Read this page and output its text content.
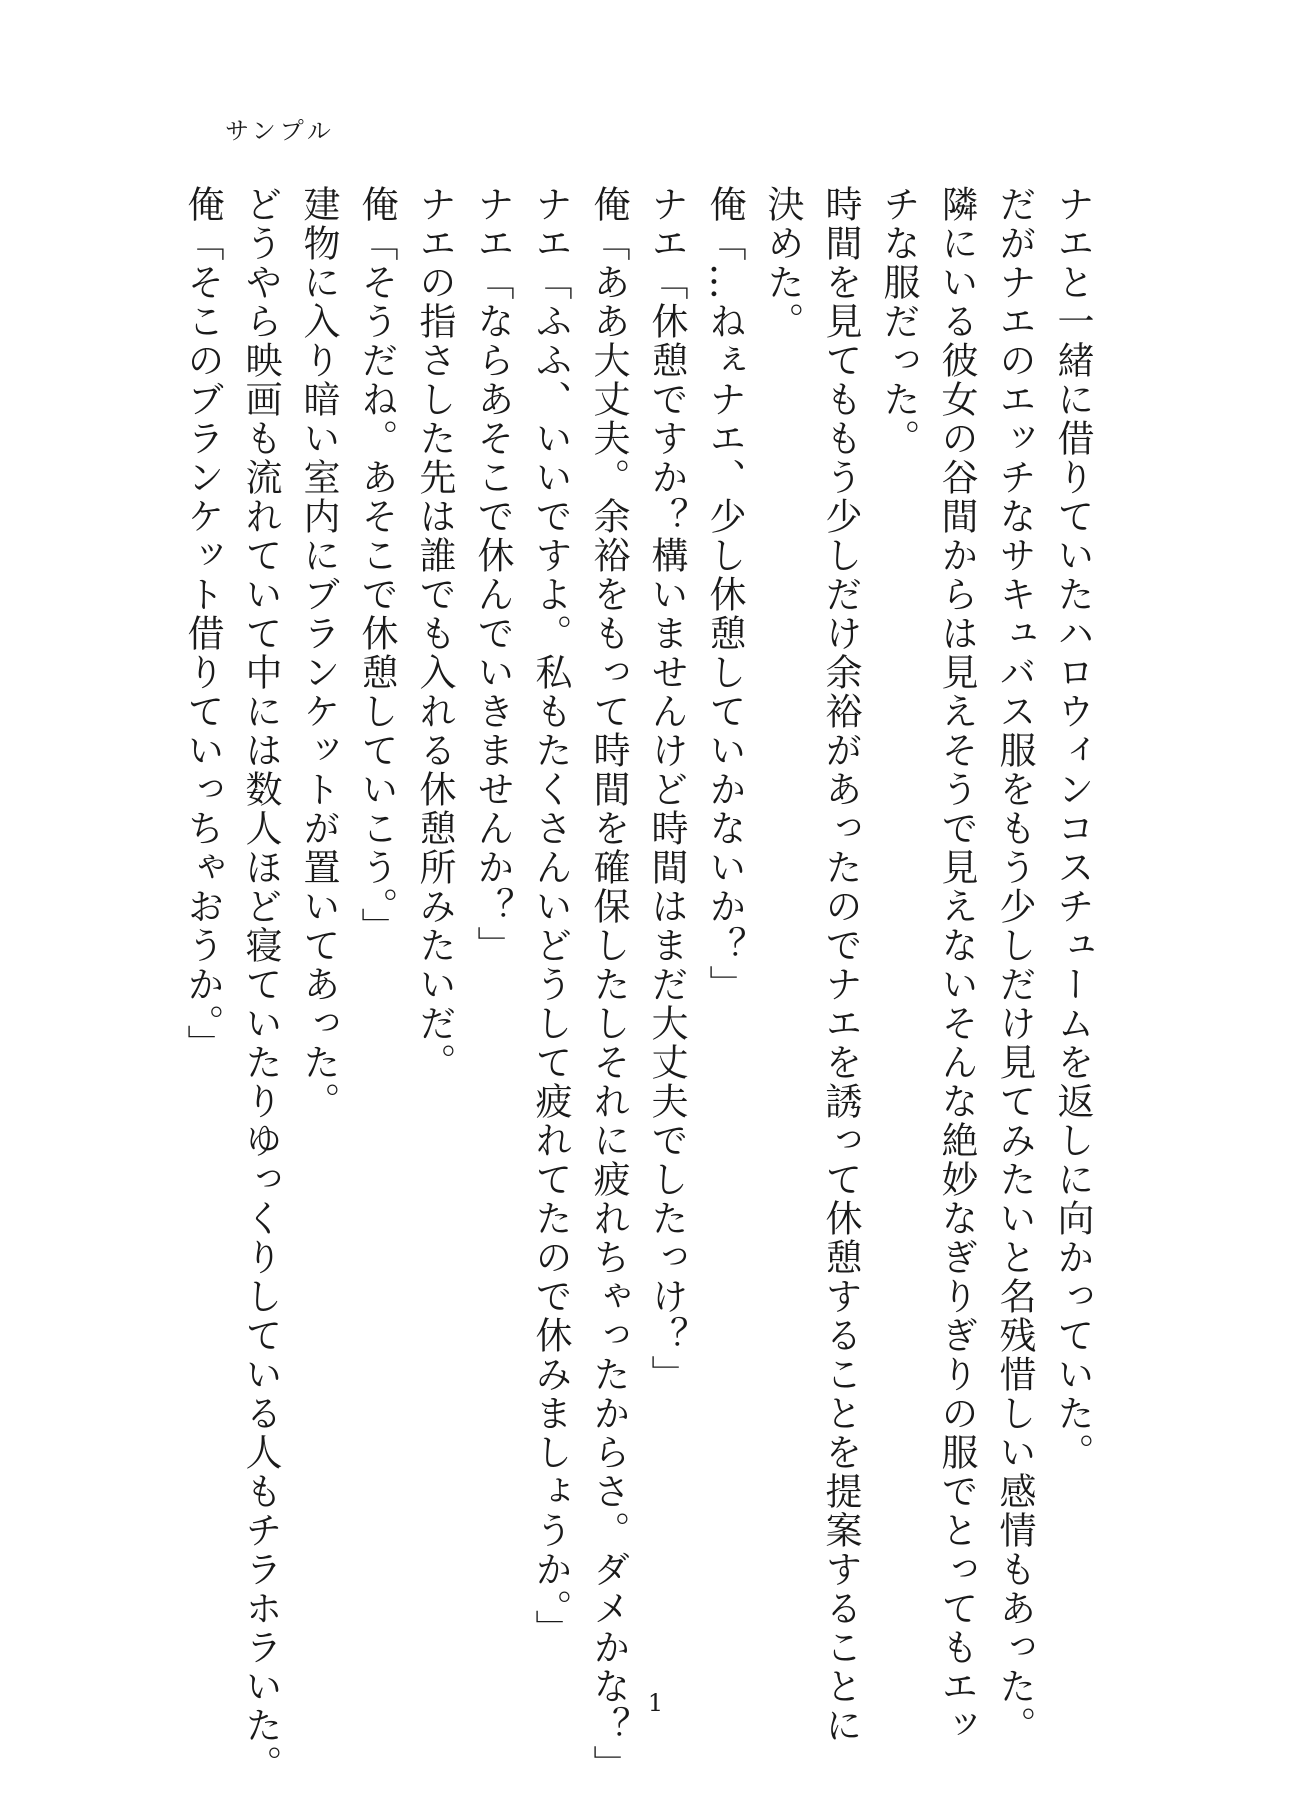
サンプル

ナエと一緒に借りていたハロウィンコスチュームを返しに向かっていた。

だがナエのエッチなサキュバス服をもう少しだけ見てみたいと名残惜しい感情もあった。

隣にいる彼女の谷間からは見えそうで見えないそんな絶妙なぎりぎりの服でとってもエッ

チな服だった。

時間を見てももう少しだけ余裕があったのでナエを誘って休憩することを提案することに

決めた。

俺「…ねぇナエ、少し休憩していかないか？」

ナエ「休憩ですか？構いませんけど時間はまだ大丈夫でしたっけ？」

俺「ああ大丈夫。余裕をもって時間を確保したしそれに疲れちゃったからさ。ダメかな？」

ナエ「ふふ、いいですよ。私もたくさんいどうして疲れてたので休みましょうか。」

ナエ「ならあそこで休んでいきませんか？」

ナエの指さした先は誰でも入れる休憩所みたいだ。

俺「そうだね。あそこで休憩していこう。」

建物に入り暗い室内にブランケットが置いてあった。

どうやら映画も流れていて中には数人ほど寝ていたりゆっくりしている人もチラホラいた。

俺「そこのブランケット借りていっちゃおうか。」

1
